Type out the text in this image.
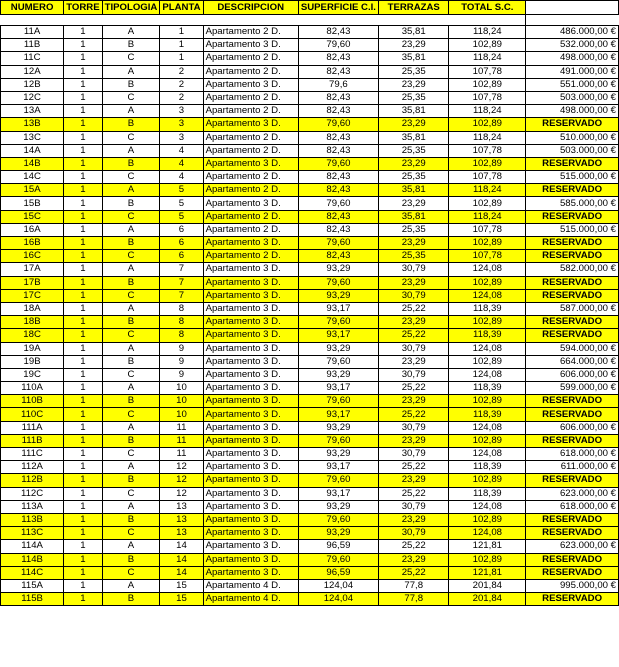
NUMERO	TORRE	TIPOLOGIA	PLANTA	DESCRIPCION	SUPERFICIE C.I.	TERRAZAS	TOTAL S.C.	

11A	1	A	1	Apartamento 2 D.	82,43	35,81	118,24	486.000,00 €
11B	1	B	1	Apartamento 3 D.	79,60	23,29	102,89	532.000,00 €
11C	1	C	1	Apartamento 2 D.	82,43	35,81	118,24	498.000,00 €
12A	1	A	2	Apartamento 2 D.	82,43	25,35	107,78	491.000,00 €
12B	1	B	2	Apartamento 3 D.	79,6	23,29	102,89	551.000,00 €
12C	1	C	2	Apartamento 2 D.	82,43	25,35	107,78	503.000,00 €
13A	1	A	3	Apartamento 2 D.	82,43	35,81	118,24	498.000,00 €
13B	1	B	3	Apartamento 3 D.	79,60	23,29	102,89	RESERVADO
13C	1	C	3	Apartamento 2 D.	82,43	35,81	118,24	510.000,00 €
14A	1	A	4	Apartamento 2 D.	82,43	25,35	107,78	503.000,00 €
14B	1	B	4	Apartamento 3 D.	79,60	23,29	102,89	RESERVADO
14C	1	C	4	Apartamento 2 D.	82,43	25,35	107,78	515.000,00 €
15A	1	A	5	Apartamento 2 D.	82,43	35,81	118,24	RESERVADO
15B	1	B	5	Apartamento 3 D.	79,60	23,29	102,89	585.000,00 €
15C	1	C	5	Apartamento 2 D.	82,43	35,81	118,24	RESERVADO
16A	1	A	6	Apartamento 2 D.	82,43	25,35	107,78	515.000,00 €
16B	1	B	6	Apartamento 3 D.	79,60	23,29	102,89	RESERVADO
16C	1	C	6	Apartamento 2 D.	82,43	25,35	107,78	RESERVADO
17A	1	A	7	Apartamento 3 D.	93,29	30,79	124,08	582.000,00 €
17B	1	B	7	Apartamento 3 D.	79,60	23,29	102,89	RESERVADO
17C	1	C	7	Apartamento 3 D.	93,29	30,79	124,08	RESERVADO
18A	1	A	8	Apartamento 3 D.	93,17	25,22	118,39	587.000,00 €
18B	1	B	8	Apartamento 3 D.	79,60	23,29	102,89	RESERVADO
18C	1	C	8	Apartamento 3 D.	93,17	25,22	118,39	RESERVADO
19A	1	A	9	Apartamento 3 D.	93,29	30,79	124,08	594.000,00 €
19B	1	B	9	Apartamento 3 D.	79,60	23,29	102,89	664.000,00 €
19C	1	C	9	Apartamento 3 D.	93,29	30,79	124,08	606.000,00 €
110A	1	A	10	Apartamento 3 D.	93,17	25,22	118,39	599.000,00 €
110B	1	B	10	Apartamento 3 D.	79,60	23,29	102,89	RESERVADO
110C	1	C	10	Apartamento 3 D.	93,17	25,22	118,39	RESERVADO
111A	1	A	11	Apartamento 3 D.	93,29	30,79	124,08	606.000,00 €
111B	1	B	11	Apartamento 3 D.	79,60	23,29	102,89	RESERVADO
111C	1	C	11	Apartamento 3 D.	93,29	30,79	124,08	618.000,00 €
112A	1	A	12	Apartamento 3 D.	93,17	25,22	118,39	611.000,00 €
112B	1	B	12	Apartamento 3 D.	79,60	23,29	102,89	RESERVADO
112C	1	C	12	Apartamento 3 D.	93,17	25,22	118,39	623.000,00 €
113A	1	A	13	Apartamento 3 D.	93,29	30,79	124,08	618.000,00 €
113B	1	B	13	Apartamento 3 D.	79,60	23,29	102,89	RESERVADO
113C	1	C	13	Apartamento 3 D.	93,29	30,79	124,08	RESERVADO
114A	1	A	14	Apartamento 3 D.	96,59	25,22	121,81	623.000,00 €
114B	1	B	14	Apartamento 3 D.	79,60	23,29	102,89	RESERVADO
114C	1	C	14	Apartamento 3 D.	96,59	25,22	121,81	RESERVADO
115A	1	A	15	Apartamento 4 D.	124,04	77,8	201,84	995.000,00 €
115B	1	B	15	Apartamento 4 D.	124,04	77,8	201,84	RESERVADO
